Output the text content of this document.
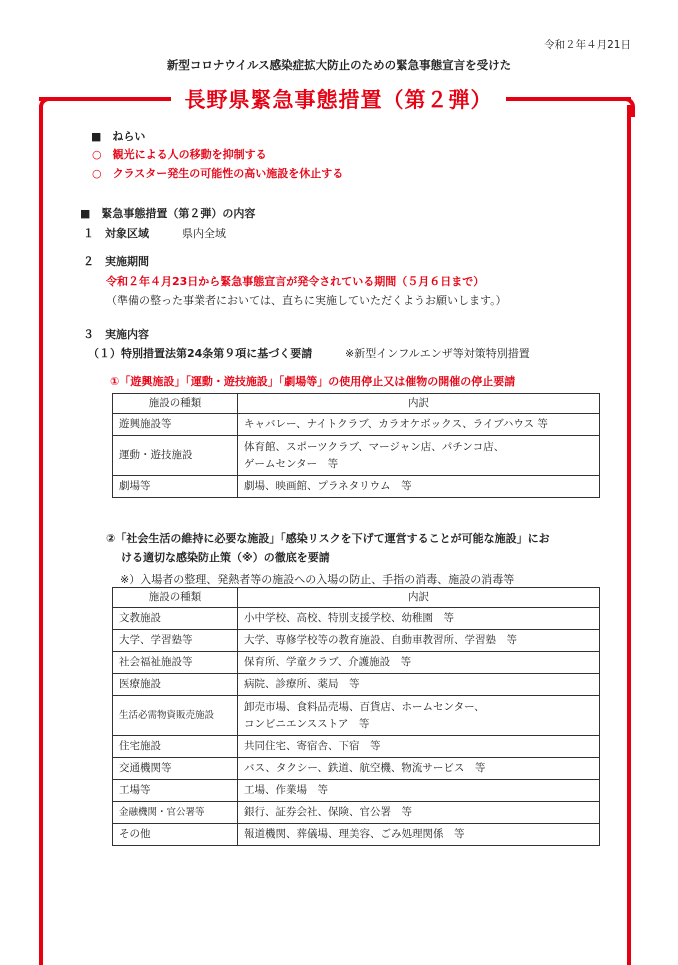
令和２年４月21日
新型コロナウイルス感染症拡大防止のための緊急事態宣言を受けた
長野県緊急事態措置（第２弾）
■　ねらい
○　観光による人の移動を抑制する
○　クラスター発生の可能性の高い施設を休止する
■　緊急事態措置（第２弾）の内容
１　対象区域	県内全域
２　実施期間
令和２年４月23日から緊急事態宣言が発令されている期間（５月６日まで）
（準備の整った事業者においては、直ちに実施していただくようお願いします。）
３　実施内容
（１）特別措置法第24条第９項に基づく要請	※新型インフルエンザ等対策特別措置
①「遊興施設」「運動・遊技施設」「劇場等」の使用停止又は催物の開催の停止要請
施設の種類	内訳
遊興施設等	キャバレー、ナイトクラブ、カラオケボックス、ライブハウス 等
運動・遊技施設	体育館、スポーツクラブ、マージャン店、パチンコ店、
ゲームセンター　等
劇場等	劇場、映画館、プラネタリウム　等
②「社会生活の維持に必要な施設」「感染リスクを下げて運営することが可能な施設」にお
ける適切な感染防止策（※）の徹底を要請
※）入場者の整理、発熱者等の施設への入場の防止、手指の消毒、施設の消毒等
施設の種類	内訳
文教施設	小中学校、高校、特別支援学校、幼稚園　等
大学、学習塾等	大学、専修学校等の教育施設、自動車教習所、学習塾　等
社会福祉施設等	保育所、学童クラブ、介護施設　等
医療施設	病院、診療所、薬局　等
生活必需物資販売施設	卸売市場、食料品売場、百貨店、ホームセンター、
コンビニエンスストア　等
住宅施設	共同住宅、寄宿舎、下宿　等
交通機関等	バス、タクシー、鉄道、航空機、物流サービス　等
工場等	工場、作業場　等
金融機関・官公署等	銀行、証券会社、保険、官公署　等
その他	報道機関、葬儀場、理美容、ごみ処理関係　等
